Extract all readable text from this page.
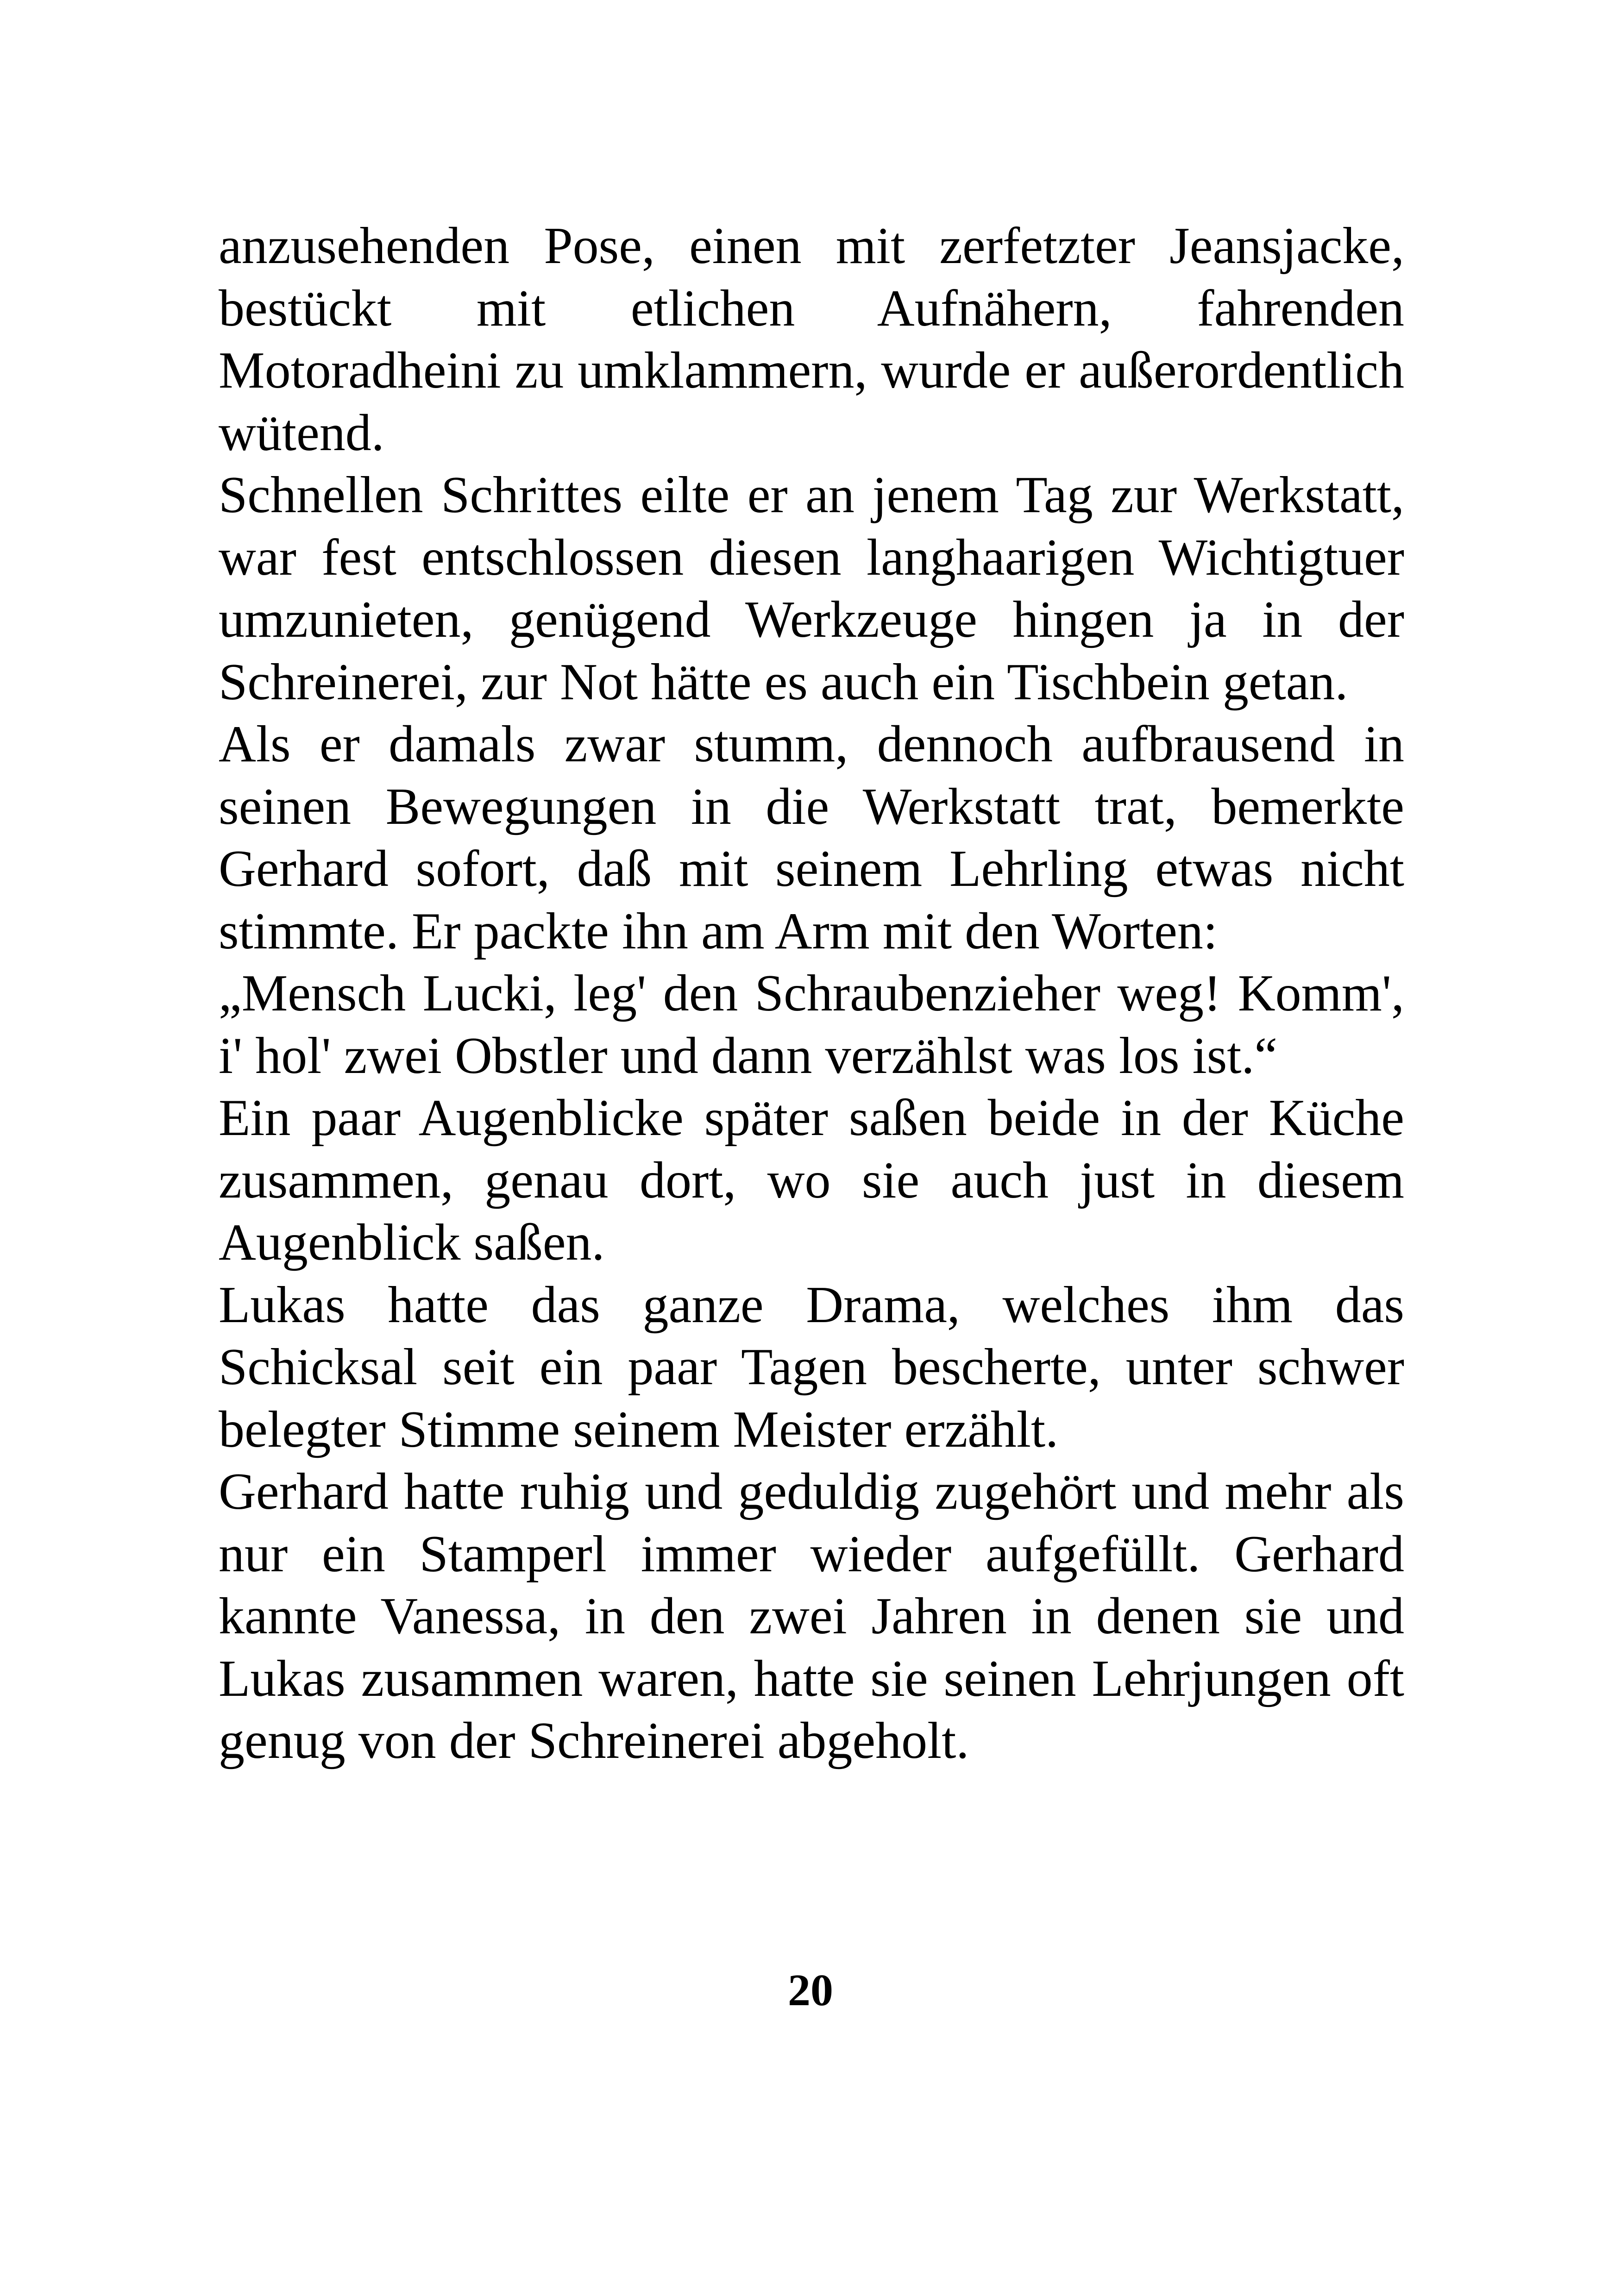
anzusehenden Pose, einen mit zerfetzter Jeansjacke, bestückt mit etlichen Aufnähern, fahrenden Motoradheini zu umklammern, wurde er außerordentlich wütend.

Schnellen Schrittes eilte er an jenem Tag zur Werkstatt, war fest entschlossen diesen langhaarigen Wichtigtuer umzunieten, genügend Werkzeuge hingen ja in der Schreinerei, zur Not hätte es auch ein Tischbein getan.

Als er damals zwar stumm, dennoch aufbrausend in seinen Bewegungen in die Werkstatt trat, bemerkte Gerhard sofort, daß mit seinem Lehrling etwas nicht stimmte. Er packte ihn am Arm mit den Worten:

„Mensch Lucki, leg' den Schraubenzieher weg! Komm', i' hol' zwei Obstler und dann verzählst was los ist.“

Ein paar Augenblicke später saßen beide in der Küche zusammen, genau dort, wo sie auch just in diesem Augenblick saßen.

Lukas hatte das ganze Drama, welches ihm das Schicksal seit ein paar Tagen bescherte, unter schwer belegter Stimme seinem Meister erzählt.

Gerhard hatte ruhig und geduldig zugehört und mehr als nur ein Stamperl immer wieder aufgefüllt. Gerhard kannte Vanessa, in den zwei Jahren in denen sie und Lukas zusammen waren, hatte sie seinen Lehrjungen oft genug von der Schreinerei abgeholt.

20
